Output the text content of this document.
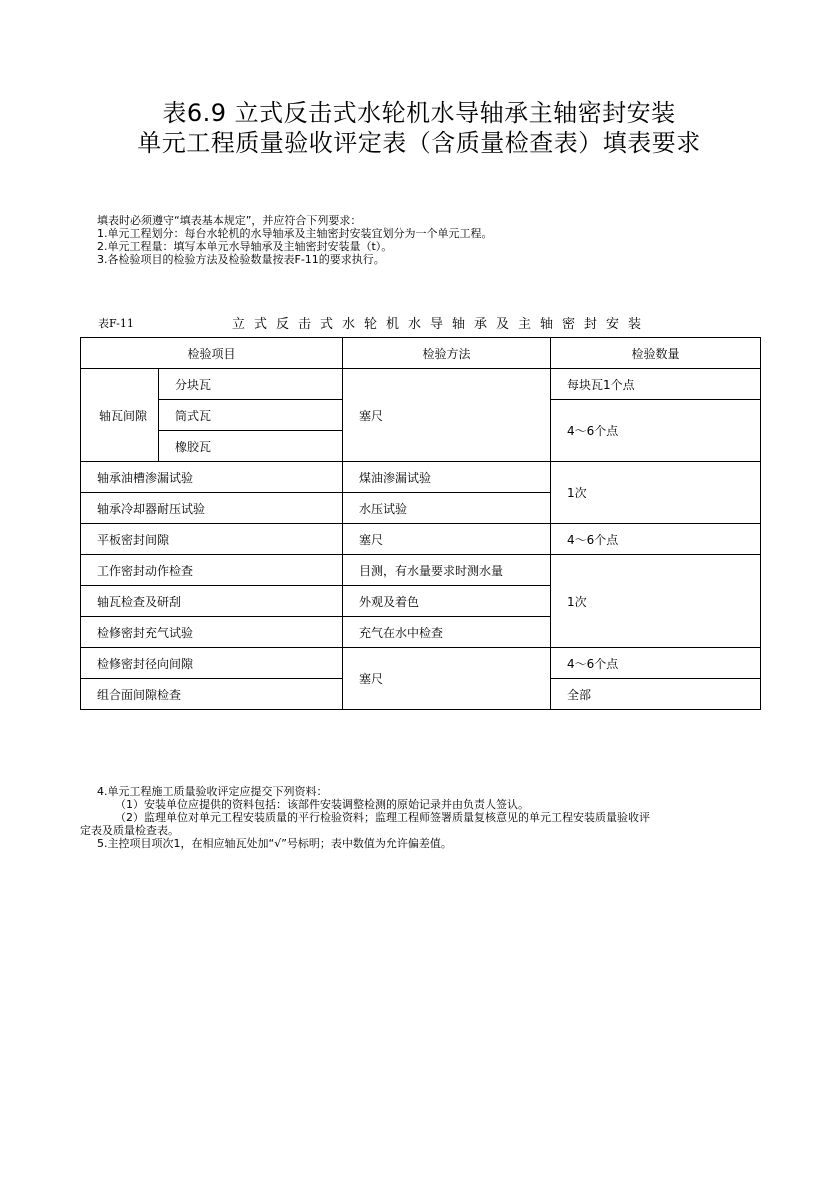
表6.9 立式反击式水轮机水导轴承主轴密封安装
单元工程质量验收评定表（含质量检查表）填表要求
填表时必须遵守“填表基本规定”，并应符合下列要求：
1.单元工程划分：每台水轮机的水导轴承及主轴密封安装宜划分为一个单元工程。
2.单元工程量：填写本单元水导轴承及主轴密封安装量（t）。
3.各检验项目的检验方法及检验数量按表F-11的要求执行。
表F-11	立式反击式水轮机水导轴承及主轴密封安装
检验项目		检验方法	检验数量
轴瓦间隙	分块瓦	塞尺	每块瓦1个点
	筒式瓦		4～6个点
	橡胶瓦		
轴承油槽渗漏试验		煤油渗漏试验	1次
轴承冷却器耐压试验		水压试验	
平板密封间隙		塞尺	4～6个点
工作密封动作检查		目测，有水量要求时测水量	1次
轴瓦检查及研刮		外观及着色	
检修密封充气试验		充气在水中检查	
检修密封径向间隙		塞尺	4～6个点
组合面间隙检查			全部
4.单元工程施工质量验收评定应提交下列资料：
（1）安装单位应提供的资料包括：该部件安装调整检测的原始记录并由负责人签认。
（2）监理单位对单元工程安装质量的平行检验资料；监理工程师签署质量复核意见的单元工程安装质量验收评
定表及质量检查表。
5.主控项目项次1，在相应轴瓦处加“√”号标明；表中数值为允许偏差值。
